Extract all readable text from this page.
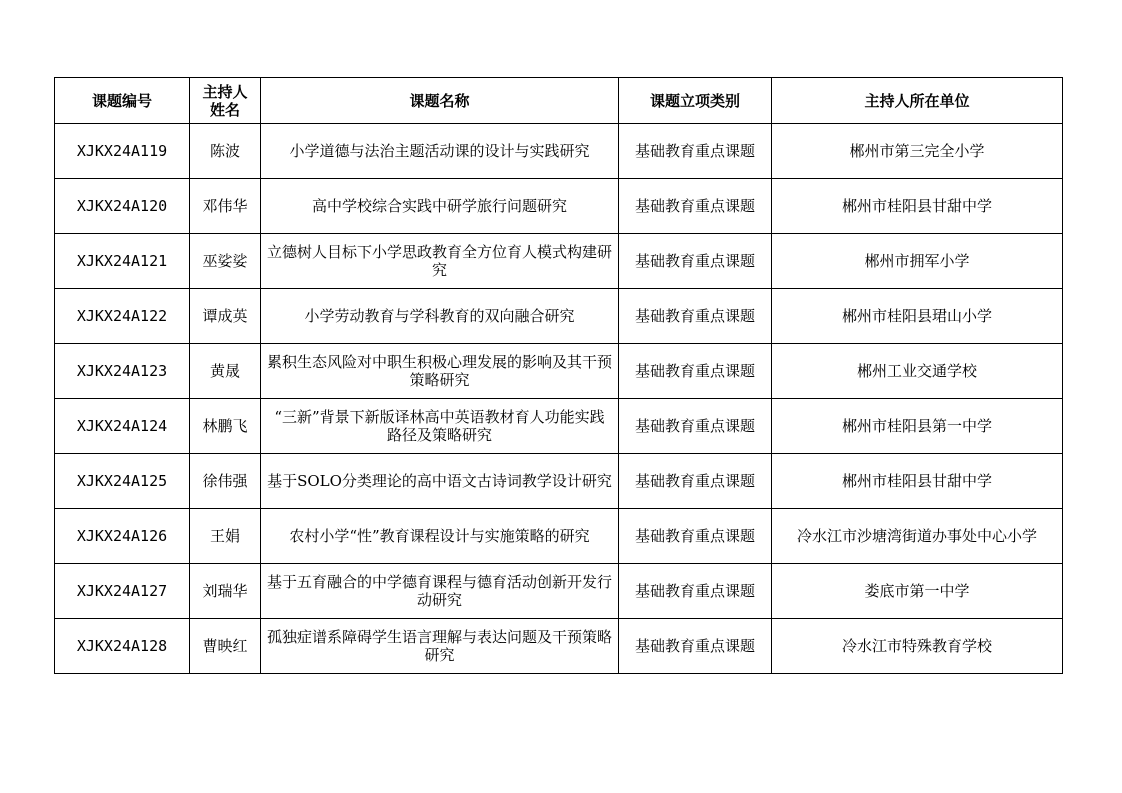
课题编号	主持人姓名	课题名称	课题立项类别	主持人所在单位
XJKX24A119	陈波	小学道德与法治主题活动课的设计与实践研究	基础教育重点课题	郴州市第三完全小学
XJKX24A120	邓伟华	高中学校综合实践中研学旅行问题研究	基础教育重点课题	郴州市桂阳县甘甜中学
XJKX24A121	巫娑娑	立德树人目标下小学思政教育全方位育人模式构建研究	基础教育重点课题	郴州市拥军小学
XJKX24A122	谭成英	小学劳动教育与学科教育的双向融合研究	基础教育重点课题	郴州市桂阳县珺山小学
XJKX24A123	黄晟	累积生态风险对中职生积极心理发展的影响及其干预策略研究	基础教育重点课题	郴州工业交通学校
XJKX24A124	林鹏飞	“三新”背景下新版译林高中英语教材育人功能实践路径及策略研究	基础教育重点课题	郴州市桂阳县第一中学
XJKX24A125	徐伟强	基于SOLO分类理论的高中语文古诗词教学设计研究	基础教育重点课题	郴州市桂阳县甘甜中学
XJKX24A126	王娟	农村小学“性”教育课程设计与实施策略的研究	基础教育重点课题	冷水江市沙塘湾街道办事处中心小学
XJKX24A127	刘瑞华	基于五育融合的中学德育课程与德育活动创新开发行动研究	基础教育重点课题	娄底市第一中学
XJKX24A128	曹映红	孤独症谱系障碍学生语言理解与表达问题及干预策略研究	基础教育重点课题	冷水江市特殊教育学校
